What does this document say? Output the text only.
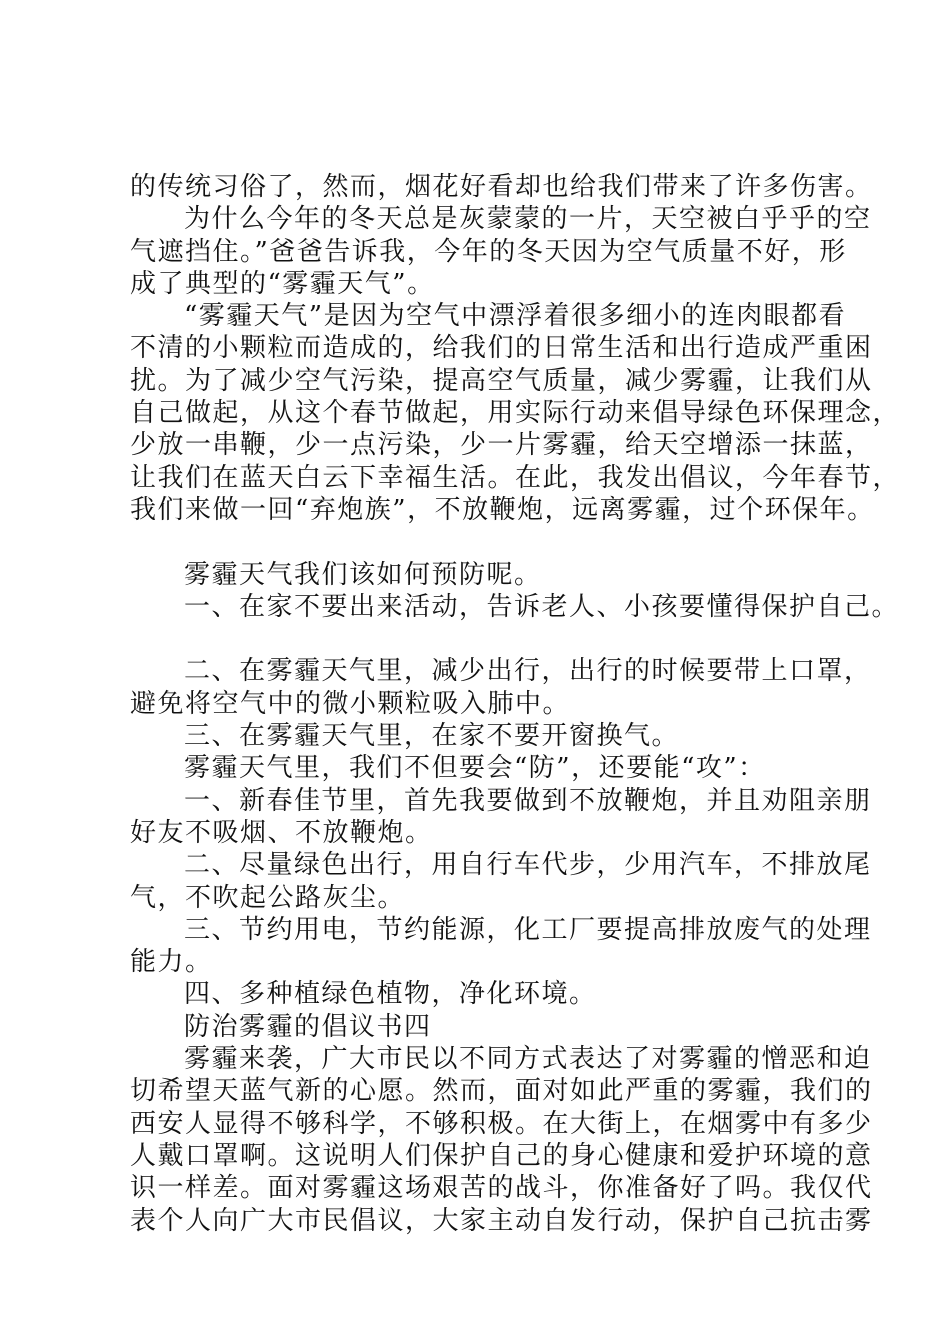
的传统习俗了，然而，烟花好看却也给我们带来了许多伤害。
为什么今年的冬天总是灰蒙蒙的一片，天空被白乎乎的空
气遮挡住。”爸爸告诉我，今年的冬天因为空气质量不好，形
成了典型的“雾霾天气”。
“雾霾天气”是因为空气中漂浮着很多细小的连肉眼都看
不清的小颗粒而造成的，给我们的日常生活和出行造成严重困
扰。为了减少空气污染，提高空气质量，减少雾霾，让我们从
自己做起，从这个春节做起，用实际行动来倡导绿色环保理念，
少放一串鞭，少一点污染，少一片雾霾，给天空增添一抹蓝，
让我们在蓝天白云下幸福生活。在此，我发出倡议，今年春节，
我们来做一回“弃炮族”，不放鞭炮，远离雾霾，过个环保年。
雾霾天气我们该如何预防呢。
一、在家不要出来活动，告诉老人、小孩要懂得保护自己。
二、在雾霾天气里，减少出行，出行的时候要带上口罩，
避免将空气中的微小颗粒吸入肺中。
三、在雾霾天气里，在家不要开窗换气。
雾霾天气里，我们不但要会“防”，还要能“攻”：
一、新春佳节里，首先我要做到不放鞭炮，并且劝阻亲朋
好友不吸烟、不放鞭炮。
二、尽量绿色出行，用自行车代步，少用汽车，不排放尾
气，不吹起公路灰尘。
三、节约用电，节约能源，化工厂要提高排放废气的处理
能力。
四、多种植绿色植物，净化环境。
防治雾霾的倡议书四
雾霾来袭，广大市民以不同方式表达了对雾霾的憎恶和迫
切希望天蓝气新的心愿。然而，面对如此严重的雾霾，我们的
西安人显得不够科学，不够积极。在大街上，在烟雾中有多少
人戴口罩啊。这说明人们保护自己的身心健康和爱护环境的意
识一样差。面对雾霾这场艰苦的战斗，你准备好了吗。我仅代
表个人向广大市民倡议，大家主动自发行动，保护自己抗击雾
